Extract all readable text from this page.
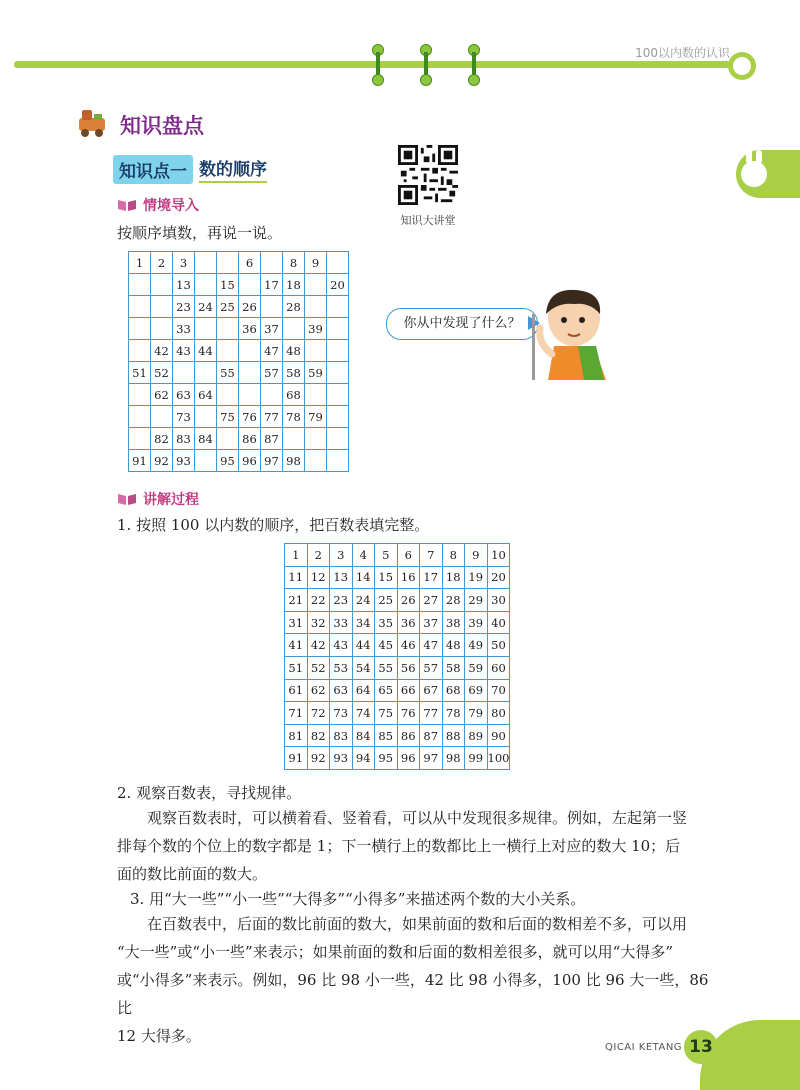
100以内数的认识
知识盘点
知识点一 数的顺序
知识大讲堂
情境导入
按顺序填数，再说一说。
1	2	3			6		8	9	
		13		15		17	18		20
		23	24	25	26		28		
		33			36	37		39	
	42	43	44			47	48		
51	52			55		57	58	59	
	62	63	64				68		
		73		75	76	77	78	79	
	82	83	84		86	87			
91	92	93		95	96	97	98		
你从中发现了什么？
讲解过程
1. 按照 100 以内数的顺序，把百数表填完整。
1	2	3	4	5	6	7	8	9	10
11	12	13	14	15	16	17	18	19	20
21	22	23	24	25	26	27	28	29	30
31	32	33	34	35	36	37	38	39	40
41	42	43	44	45	46	47	48	49	50
51	52	53	54	55	56	57	58	59	60
61	62	63	64	65	66	67	68	69	70
71	72	73	74	75	76	77	78	79	80
81	82	83	84	85	86	87	88	89	90
91	92	93	94	95	96	97	98	99	100
2. 观察百数表，寻找规律。
观察百数表时，可以横着看、竖着看，可以从中发现很多规律。例如，左起第一竖
排每个数的个位上的数字都是 1；下一横行上的数都比上一横行上对应的数大 10；后
面的数比前面的数大。
3. 用“大一些”“小一些”“大得多”“小得多”来描述两个数的大小关系。
在百数表中，后面的数比前面的数大，如果前面的数和后面的数相差不多，可以用
“大一些”或“小一些”来表示；如果前面的数和后面的数相差很多，就可以用“大得多”
或“小得多”来表示。例如，96 比 98 小一些，42 比 98 小得多，100 比 96 大一些，86 比
12 大得多。
QICAI KETANG 13
